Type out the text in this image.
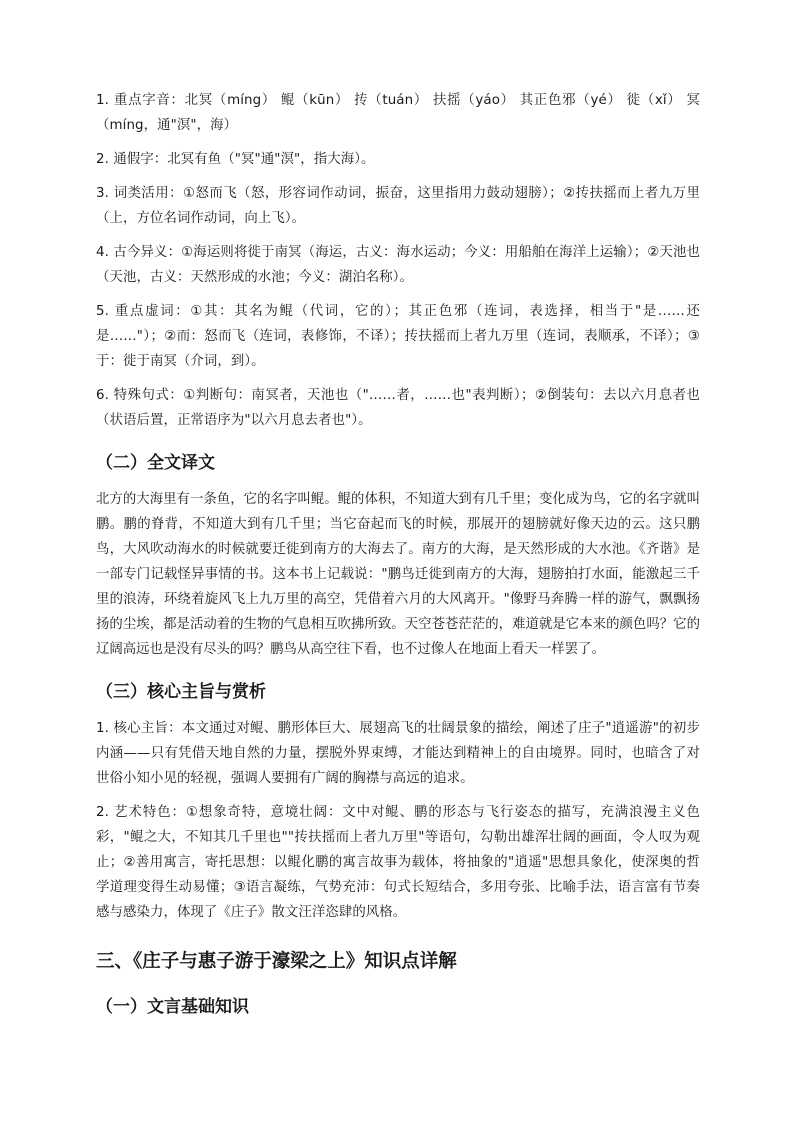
1. 重点字音：北冥（míng） 鲲（kūn） 抟（tuán） 扶摇（yáo） 其正色邪（yé） 徙（xǐ） 冥（míng，通"溟"，海）

2. 通假字：北冥有鱼（"冥"通"溟"，指大海）。

3. 词类活用：①怒而飞（怒，形容词作动词，振奋，这里指用力鼓动翅膀）；②抟扶摇而上者九万里（上，方位名词作动词，向上飞）。

4. 古今异义：①海运则将徙于南冥（海运，古义：海水运动；今义：用船舶在海洋上运输）；②天池也（天池，古义：天然形成的水池；今义：湖泊名称）。

5. 重点虚词：①其：其名为鲲（代词，它的）；其正色邪（连词，表选择，相当于"是……还是……"）；②而：怒而飞（连词，表修饰，不译）；抟扶摇而上者九万里（连词，表顺承，不译）；③于：徙于南冥（介词，到）。

6. 特殊句式：①判断句：南冥者，天池也（"……者，……也"表判断）；②倒装句：去以六月息者也（状语后置，正常语序为"以六月息去者也"）。

（二）全文译文

北方的大海里有一条鱼，它的名字叫鲲。鲲的体积，不知道大到有几千里；变化成为鸟，它的名字就叫鹏。鹏的脊背，不知道大到有几千里；当它奋起而飞的时候，那展开的翅膀就好像天边的云。这只鹏鸟，大风吹动海水的时候就要迁徙到南方的大海去了。南方的大海，是天然形成的大水池。《齐谐》是一部专门记载怪异事情的书。这本书上记载说："鹏鸟迁徙到南方的大海，翅膀拍打水面，能激起三千里的浪涛，环绕着旋风飞上九万里的高空，凭借着六月的大风离开。"像野马奔腾一样的游气，飘飘扬扬的尘埃，都是活动着的生物的气息相互吹拂所致。天空苍苍茫茫的，难道就是它本来的颜色吗？它的辽阔高远也是没有尽头的吗？鹏鸟从高空往下看，也不过像人在地面上看天一样罢了。

（三）核心主旨与赏析

1. 核心主旨：本文通过对鲲、鹏形体巨大、展翅高飞的壮阔景象的描绘，阐述了庄子"逍遥游"的初步内涵——只有凭借天地自然的力量，摆脱外界束缚，才能达到精神上的自由境界。同时，也暗含了对世俗小知小见的轻视，强调人要拥有广阔的胸襟与高远的追求。

2. 艺术特色：①想象奇特，意境壮阔：文中对鲲、鹏的形态与飞行姿态的描写，充满浪漫主义色彩，"鲲之大，不知其几千里也""抟扶摇而上者九万里"等语句，勾勒出雄浑壮阔的画面，令人叹为观止；②善用寓言，寄托思想：以鲲化鹏的寓言故事为载体，将抽象的"逍遥"思想具象化，使深奥的哲学道理变得生动易懂；③语言凝练，气势充沛：句式长短结合，多用夸张、比喻手法，语言富有节奏感与感染力，体现了《庄子》散文汪洋恣肆的风格。

三、《庄子与惠子游于濠梁之上》知识点详解
（一）文言基础知识
